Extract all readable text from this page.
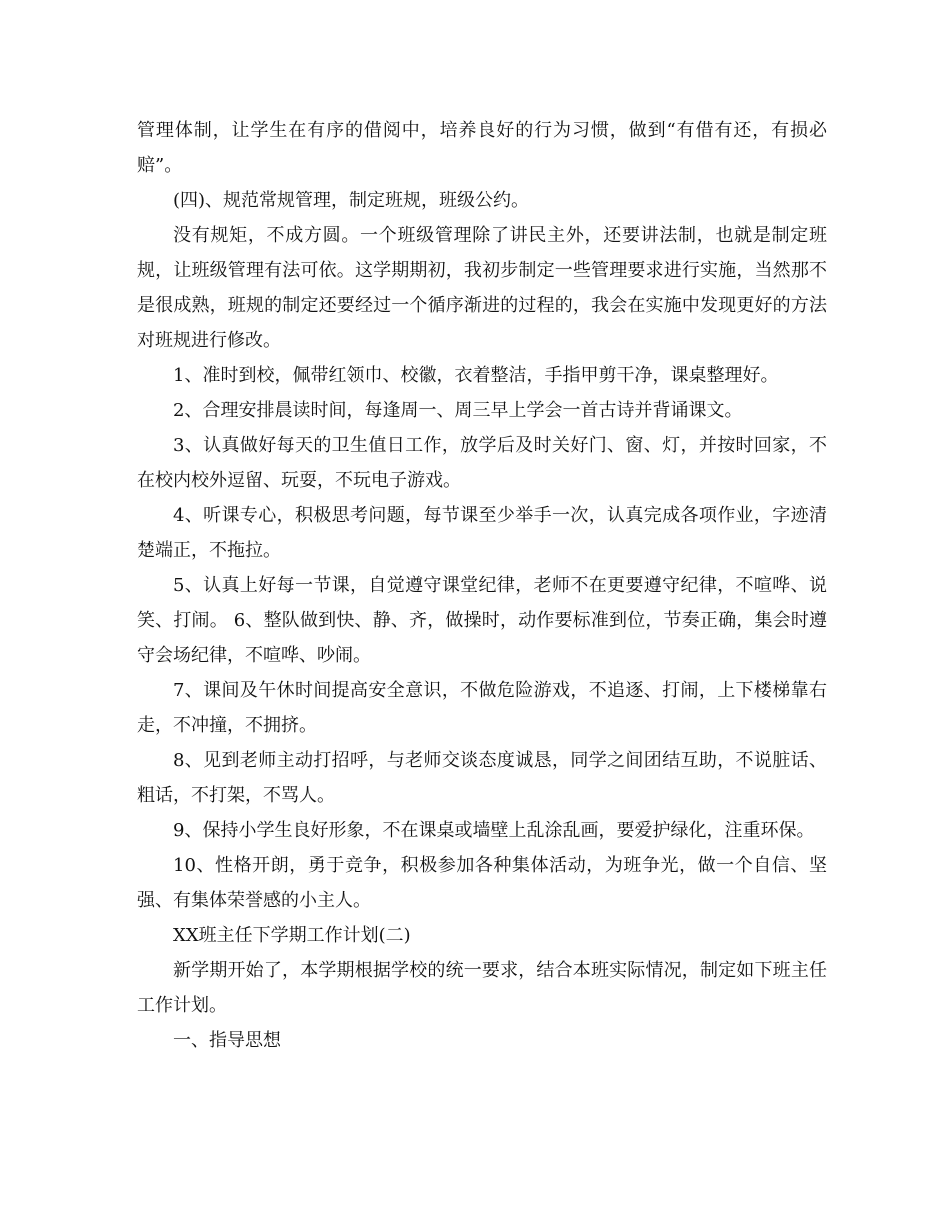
管理体制，让学生在有序的借阅中，培养良好的行为习惯，做到“有借有还，有损必赔”。

(四)、规范常规管理，制定班规，班级公约。

没有规矩，不成方圆。一个班级管理除了讲民主外，还要讲法制，也就是制定班规，让班级管理有法可依。这学期期初，我初步制定一些管理要求进行实施，当然那不是很成熟，班规的制定还要经过一个循序渐进的过程的，我会在实施中发现更好的方法对班规进行修改。

1、准时到校，佩带红领巾、校徽，衣着整洁，手指甲剪干净，课桌整理好。

2、合理安排晨读时间，每逢周一、周三早上学会一首古诗并背诵课文。

3、认真做好每天的卫生值日工作，放学后及时关好门、窗、灯，并按时回家，不在校内校外逗留、玩耍，不玩电子游戏。

4、听课专心，积极思考问题，每节课至少举手一次，认真完成各项作业，字迹清楚端正，不拖拉。

5、认真上好每一节课，自觉遵守课堂纪律，老师不在更要遵守纪律，不喧哗、说笑、打闹。 6、整队做到快、静、齐，做操时，动作要标准到位，节奏正确，集会时遵守会场纪律，不喧哗、吵闹。

7、课间及午休时间提高安全意识，不做危险游戏，不追逐、打闹，上下楼梯靠右走，不冲撞，不拥挤。

8、见到老师主动打招呼，与老师交谈态度诚恳，同学之间团结互助，不说脏话、粗话，不打架，不骂人。

9、保持小学生良好形象，不在课桌或墙壁上乱涂乱画，要爱护绿化，注重环保。

10、性格开朗，勇于竞争，积极参加各种集体活动，为班争光，做一个自信、坚强、有集体荣誉感的小主人。

XX班主任下学期工作计划(二)

新学期开始了，本学期根据学校的统一要求，结合本班实际情况，制定如下班主任工作计划。

一、指导思想
